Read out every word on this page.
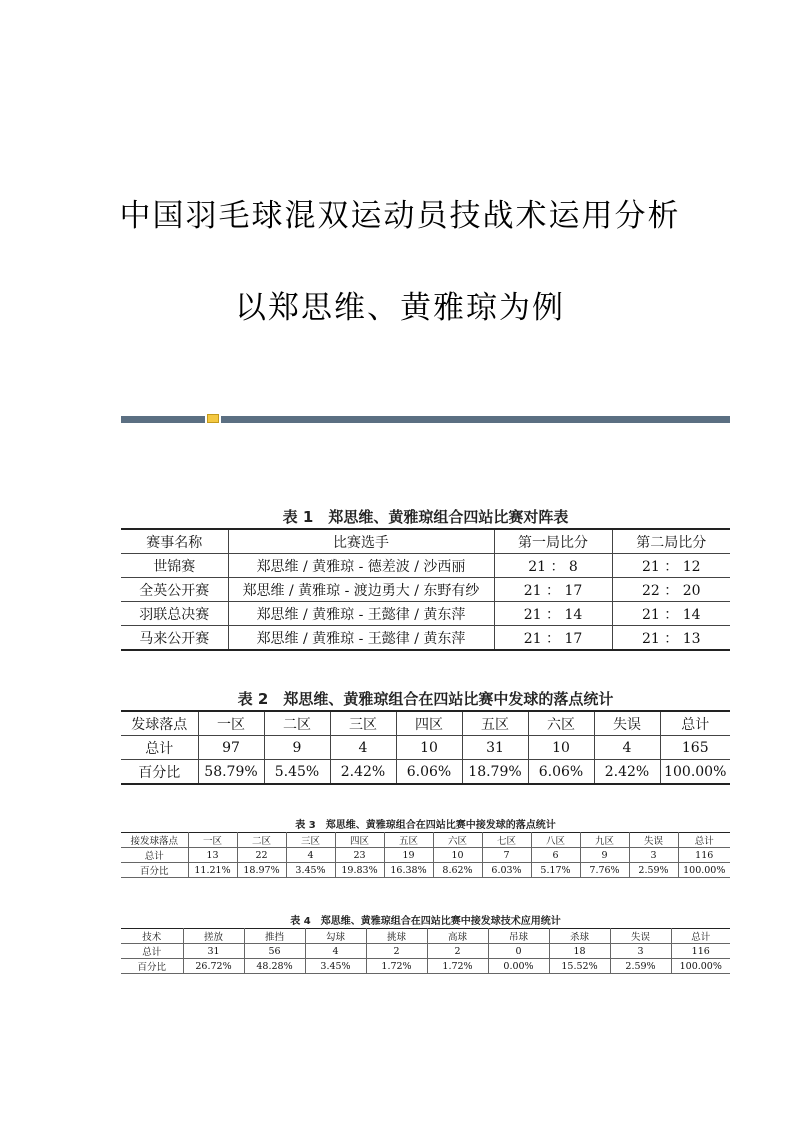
中国羽毛球混双运动员技战术运用分析
以郑思维、黄雅琼为例
表 1　郑思维、黄雅琼组合四站比赛对阵表
赛事名称	比赛选手	第一局比分	第二局比分
世锦赛	郑思维 / 黄雅琼 - 德差波 / 沙西丽	21 ： 8	21 ： 12
全英公开赛	郑思维 / 黄雅琼 - 渡边勇大 / 东野有纱	21 ： 17	22 ： 20
羽联总决赛	郑思维 / 黄雅琼 - 王懿律 / 黄东萍	21 ： 14	21 ： 14
马来公开赛	郑思维 / 黄雅琼 - 王懿律 / 黄东萍	21 ： 17	21 ： 13
表 2　郑思维、黄雅琼组合在四站比赛中发球的落点统计
发球落点	一区	二区	三区	四区	五区	六区	失误	总计
总计	97	9	4	10	31	10	4	165
百分比	58.79%	5.45%	2.42%	6.06%	18.79%	6.06%	2.42%	100.00%
表 3　郑思维、黄雅琼组合在四站比赛中接发球的落点统计
接发球落点	一区	二区	三区	四区	五区	六区	七区	八区	九区	失误	总计
总计	13	22	4	23	19	10	7	6	9	3	116
百分比	11.21%	18.97%	3.45%	19.83%	16.38%	8.62%	6.03%	5.17%	7.76%	2.59%	100.00%
表 4　郑思维、黄雅琼组合在四站比赛中接发球技术应用统计
技术	搓放	推挡	勾球	挑球	高球	吊球	杀球	失误	总计
总计	31	56	4	2	2	0	18	3	116
百分比	26.72%	48.28%	3.45%	1.72%	1.72%	0.00%	15.52%	2.59%	100.00%
